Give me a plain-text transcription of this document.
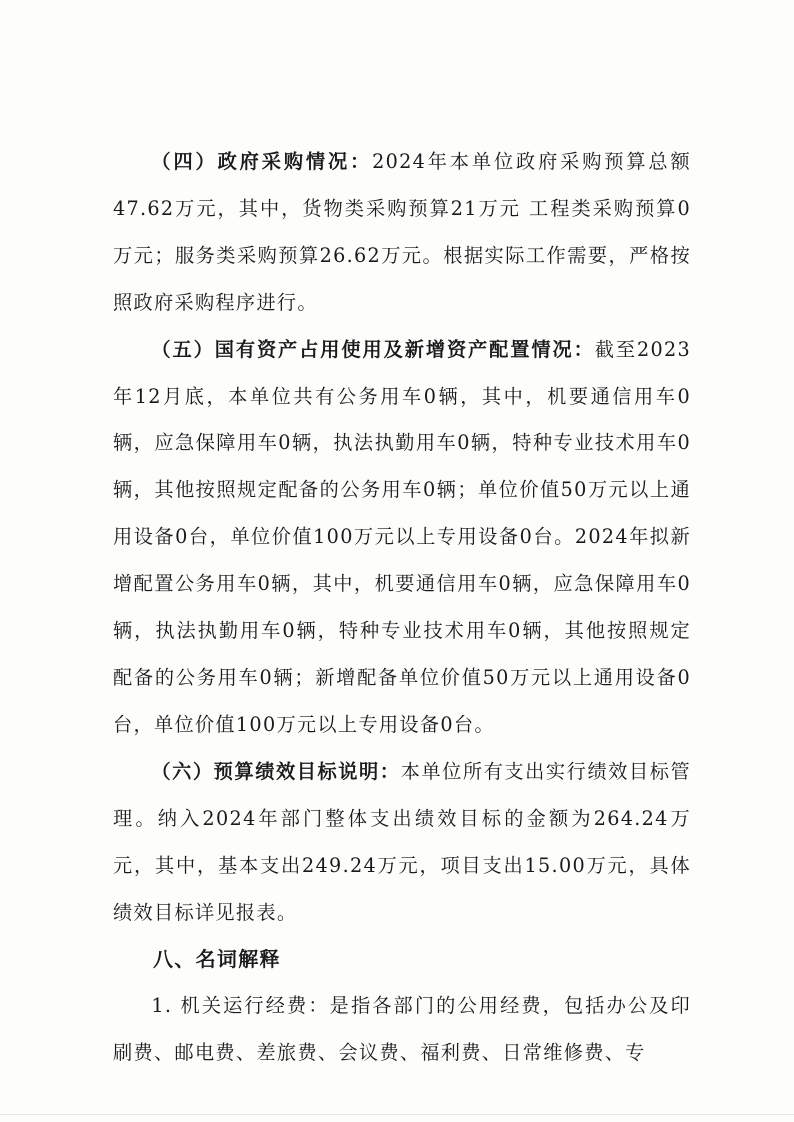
（四）政府采购情况：2024年本单位政府采购预算总额47.62万元，其中，货物类采购预算21万元 工程类采购预算0万元；服务类采购预算26.62万元。根据实际工作需要，严格按照政府采购程序进行。

（五）国有资产占用使用及新增资产配置情况：截至2023年12月底，本单位共有公务用车0辆，其中，机要通信用车0辆，应急保障用车0辆，执法执勤用车0辆，特种专业技术用车0辆，其他按照规定配备的公务用车0辆；单位价值50万元以上通用设备0台，单位价值100万元以上专用设备0台。2024年拟新增配置公务用车0辆，其中，机要通信用车0辆，应急保障用车0辆，执法执勤用车0辆，特种专业技术用车0辆，其他按照规定配备的公务用车0辆；新增配备单位价值50万元以上通用设备0台，单位价值100万元以上专用设备0台。

（六）预算绩效目标说明：本单位所有支出实行绩效目标管理。纳入2024年部门整体支出绩效目标的金额为264.24万元，其中，基本支出249.24万元，项目支出15.00万元，具体绩效目标详见报表。

八、名词解释

1. 机关运行经费：是指各部门的公用经费，包括办公及印刷费、邮电费、差旅费、会议费、福利费、日常维修费、专
